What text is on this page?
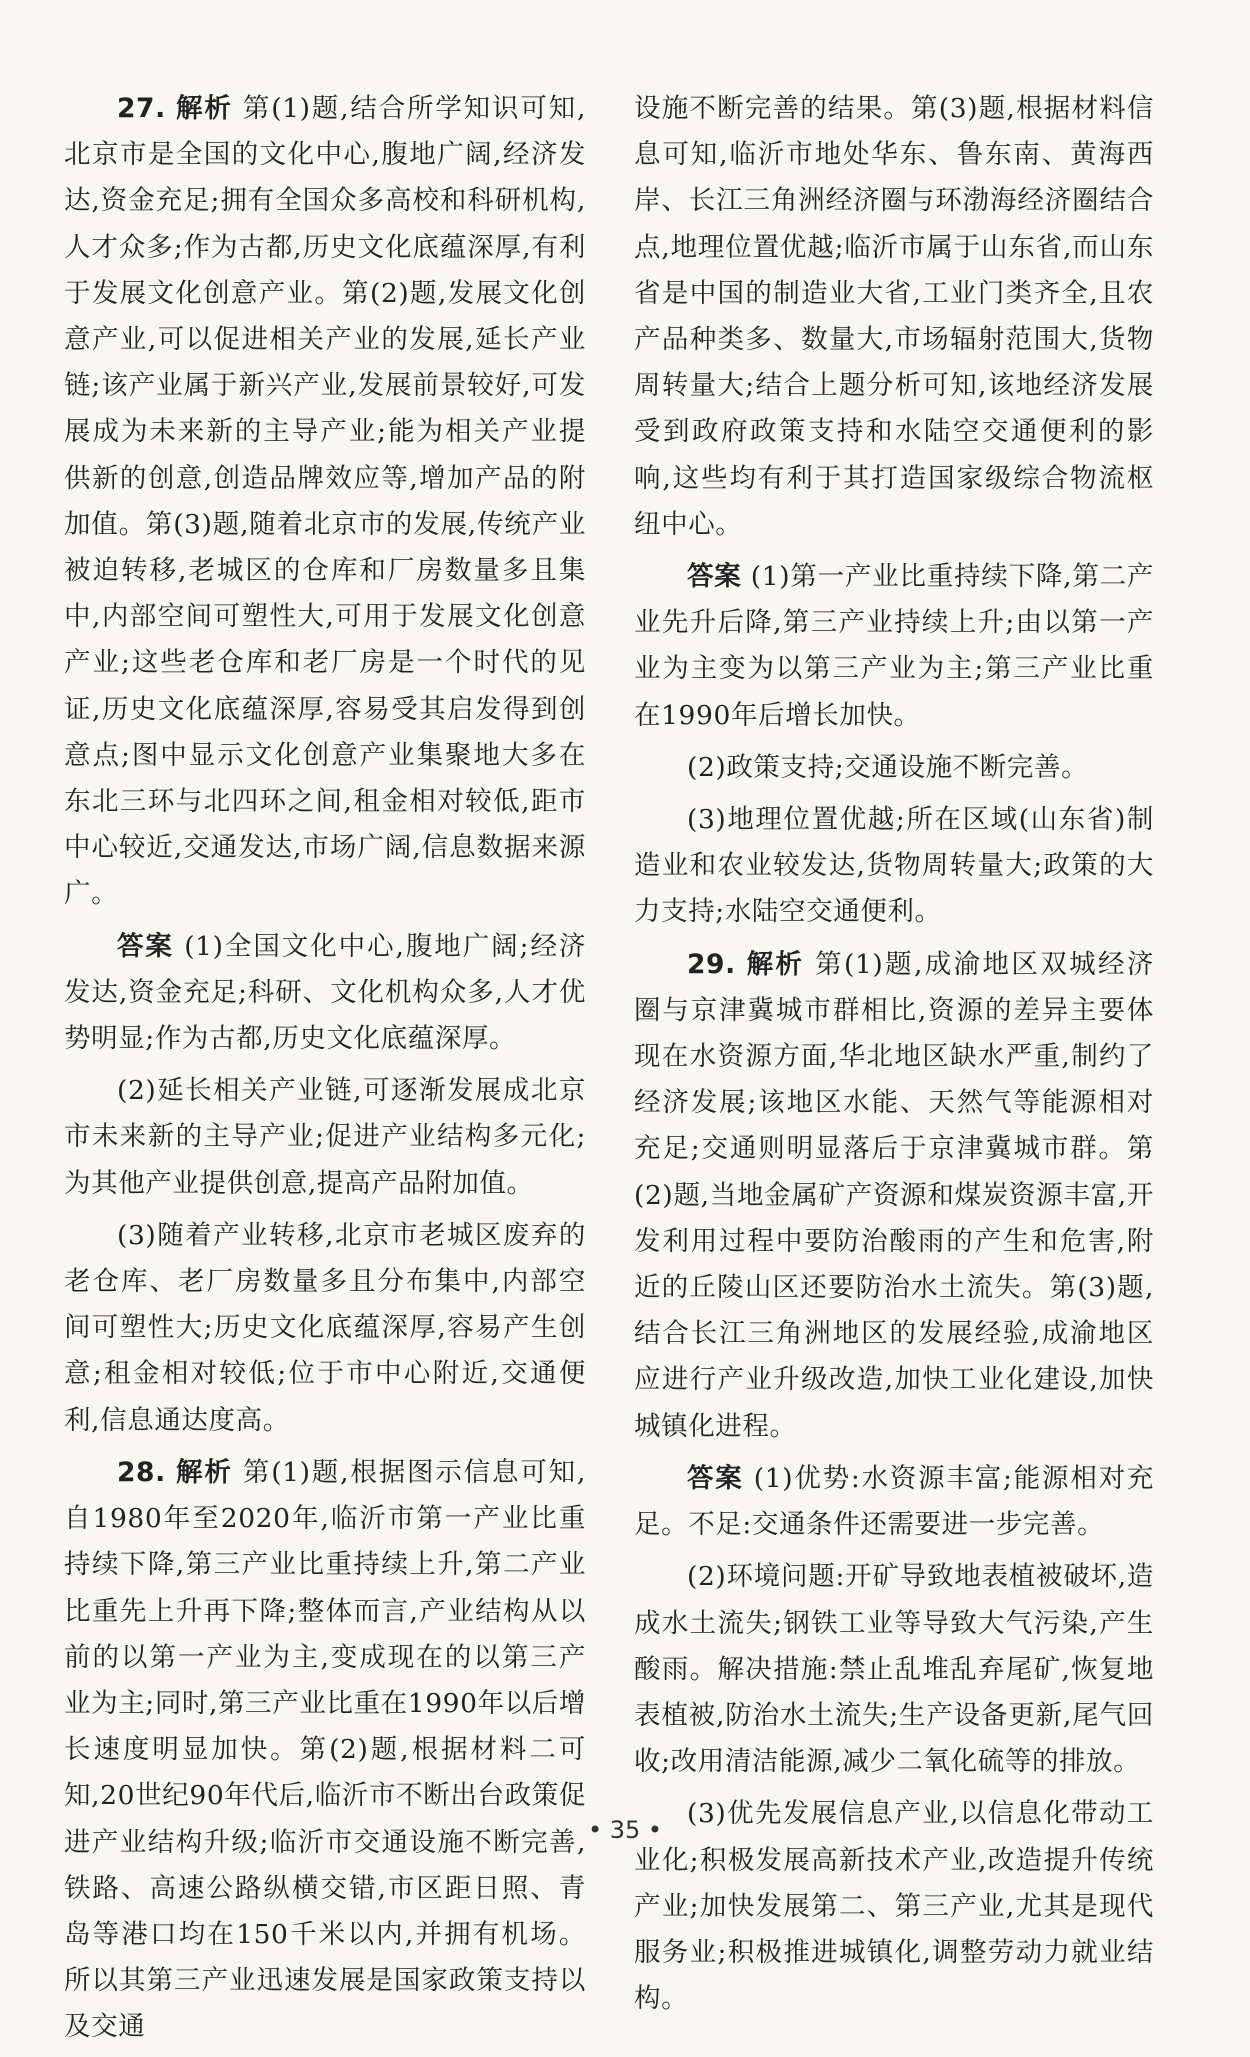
27. 解析 第(1)题,结合所学知识可知,北京市是全国的文化中心,腹地广阔,经济发达,资金充足;拥有全国众多高校和科研机构,人才众多;作为古都,历史文化底蕴深厚,有利于发展文化创意产业。第(2)题,发展文化创意产业,可以促进相关产业的发展,延长产业链;该产业属于新兴产业,发展前景较好,可发展成为未来新的主导产业;能为相关产业提供新的创意,创造品牌效应等,增加产品的附加值。第(3)题,随着北京市的发展,传统产业被迫转移,老城区的仓库和厂房数量多且集中,内部空间可塑性大,可用于发展文化创意产业;这些老仓库和老厂房是一个时代的见证,历史文化底蕴深厚,容易受其启发得到创意点;图中显示文化创意产业集聚地大多在东北三环与北四环之间,租金相对较低,距市中心较近,交通发达,市场广阔,信息数据来源广。

答案 (1)全国文化中心,腹地广阔;经济发达,资金充足;科研、文化机构众多,人才优势明显;作为古都,历史文化底蕴深厚。

(2)延长相关产业链,可逐渐发展成北京市未来新的主导产业;促进产业结构多元化;为其他产业提供创意,提高产品附加值。

(3)随着产业转移,北京市老城区废弃的老仓库、老厂房数量多且分布集中,内部空间可塑性大;历史文化底蕴深厚,容易产生创意;租金相对较低;位于市中心附近,交通便利,信息通达度高。

28. 解析 第(1)题,根据图示信息可知,自1980年至2020年,临沂市第一产业比重持续下降,第三产业比重持续上升,第二产业比重先上升再下降;整体而言,产业结构从以前的以第一产业为主,变成现在的以第三产业为主;同时,第三产业比重在1990年以后增长速度明显加快。第(2)题,根据材料二可知,20世纪90年代后,临沂市不断出台政策促进产业结构升级;临沂市交通设施不断完善,铁路、高速公路纵横交错,市区距日照、青岛等港口均在150千米以内,并拥有机场。所以其第三产业迅速发展是国家政策支持以及交通

设施不断完善的结果。第(3)题,根据材料信息可知,临沂市地处华东、鲁东南、黄海西岸、长江三角洲经济圈与环渤海经济圈结合点,地理位置优越;临沂市属于山东省,而山东省是中国的制造业大省,工业门类齐全,且农产品种类多、数量大,市场辐射范围大,货物周转量大;结合上题分析可知,该地经济发展受到政府政策支持和水陆空交通便利的影响,这些均有利于其打造国家级综合物流枢纽中心。

答案 (1)第一产业比重持续下降,第二产业先升后降,第三产业持续上升;由以第一产业为主变为以第三产业为主;第三产业比重在1990年后增长加快。

(2)政策支持;交通设施不断完善。

(3)地理位置优越;所在区域(山东省)制造业和农业较发达,货物周转量大;政策的大力支持;水陆空交通便利。

29. 解析 第(1)题,成渝地区双城经济圈与京津冀城市群相比,资源的差异主要体现在水资源方面,华北地区缺水严重,制约了经济发展;该地区水能、天然气等能源相对充足;交通则明显落后于京津冀城市群。第(2)题,当地金属矿产资源和煤炭资源丰富,开发利用过程中要防治酸雨的产生和危害,附近的丘陵山区还要防治水土流失。第(3)题,结合长江三角洲地区的发展经验,成渝地区应进行产业升级改造,加快工业化建设,加快城镇化进程。

答案 (1)优势:水资源丰富;能源相对充足。不足:交通条件还需要进一步完善。

(2)环境问题:开矿导致地表植被破坏,造成水土流失;钢铁工业等导致大气污染,产生酸雨。解决措施:禁止乱堆乱弃尾矿,恢复地表植被,防治水土流失;生产设备更新,尾气回收;改用清洁能源,减少二氧化硫等的排放。

(3)优先发展信息产业,以信息化带动工业化;积极发展高新技术产业,改造提升传统产业;加快发展第二、第三产业,尤其是现代服务业;积极推进城镇化,调整劳动力就业结构。

• 35 •
